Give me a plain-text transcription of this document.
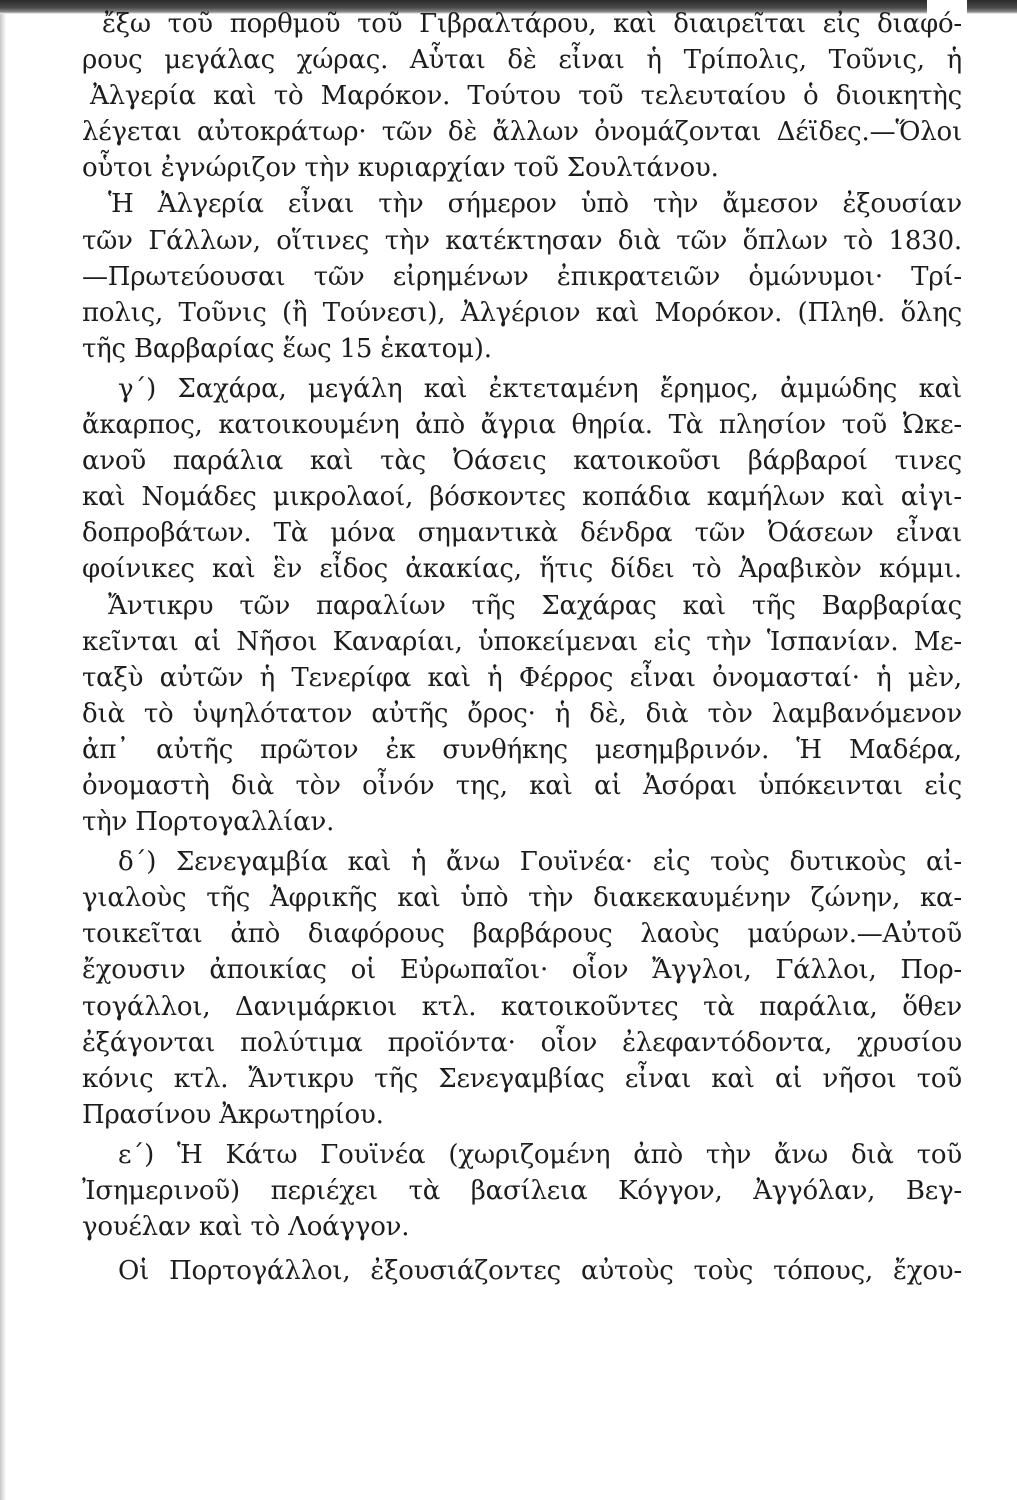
ἔξω τοῦ πορθμοῦ τοῦ Γιβραλτάρου, καὶ διαιρεῖται εἰς διαφό-
ρους μεγάλας χώρας. Αὗται δὲ εἶναι ἡ Τρίπολις, Τοῦνις, ἡ
Ἀλγερία καὶ τὸ Μαρόκον. Τούτου τοῦ τελευταίου ὁ διοικητὴς
λέγεται αὐτοκράτωρ· τῶν δὲ ἄλλων ὀνομάζονται Δέϊδες.—Ὅλοι
οὗτοι ἐγνώριζον τὴν κυριαρχίαν τοῦ Σουλτάνου.
Ἡ Ἀλγερία εἶναι τὴν σήμερον ὑπὸ τὴν ἄμεσον ἐξουσίαν
τῶν Γάλλων, οἵτινες τὴν κατέκτησαν διὰ τῶν ὅπλων τὸ 1830.
—Πρωτεύουσαι τῶν εἰρημένων ἐπικρατειῶν ὁμώνυμοι· Τρί-
πολις, Τοῦνις (ἢ Τούνεσι), Ἀλγέριον καὶ Μορόκον. (Πληθ. ὅλης
τῆς Βαρβαρίας ἕως 15 ἑκατομ).
γ´) Σαχάρα, μεγάλη καὶ ἐκτεταμένη ἔρημος, ἀμμώδης καὶ
ἄκαρπος, κατοικουμένη ἀπὸ ἄγρια θηρία. Τὰ πλησίον τοῦ Ὠκε-
ανοῦ παράλια καὶ τὰς Ὀάσεις κατοικοῦσι βάρβαροί τινες
καὶ Νομάδες μικρολαοί, βόσκοντες κοπάδια καμήλων καὶ αἰγι-
δοπροβάτων. Τὰ μόνα σημαντικὰ δένδρα τῶν Ὀάσεων εἶναι
φοίνικες καὶ ἓν εἶδος ἀκακίας, ἥτις δίδει τὸ Ἀραβικὸν κόμμι.
Ἄντικρυ τῶν παραλίων τῆς Σαχάρας καὶ τῆς Βαρβαρίας
κεῖνται αἱ Νῆσοι Καναρίαι, ὑποκείμεναι εἰς τὴν Ἱσπανίαν. Με-
ταξὺ αὐτῶν ἡ Τενερίφα καὶ ἡ Φέρρος εἶναι ὀνομασταί· ἡ μὲν,
διὰ τὸ ὑψηλότατον αὐτῆς ὄρος· ἡ δὲ, διὰ τὸν λαμβανόμενον
ἀπ᾿ αὐτῆς πρῶτον ἐκ συνθήκης μεσημβρινόν. Ἡ Μαδέρα,
ὀνομαστὴ διὰ τὸν οἶνόν της, καὶ αἱ Ἀσόραι ὑπόκεινται εἰς
τὴν Πορτογαλλίαν.
δ´) Σενεγαμβία καὶ ἡ ἄνω Γουϊνέα· εἰς τοὺς δυτικοὺς αἰ-
γιαλοὺς τῆς Ἀφρικῆς καὶ ὑπὸ τὴν διακεκαυμένην ζώνην, κα-
τοικεῖται ἀπὸ διαφόρους βαρβάρους λαοὺς μαύρων.—Αὐτοῦ
ἔχουσιν ἀποικίας οἱ Εὐρωπαῖοι· οἷον Ἄγγλοι, Γάλλοι, Πορ-
τογάλλοι, Δανιμάρκιοι κτλ. κατοικοῦντες τὰ παράλια, ὅθεν
ἐξάγονται πολύτιμα προϊόντα· οἷον ἐλεφαντόδοντα, χρυσίου
κόνις κτλ. Ἄντικρυ τῆς Σενεγαμβίας εἶναι καὶ αἱ νῆσοι τοῦ
Πρασίνου Ἀκρωτηρίου.
ε´) Ἡ Κάτω Γουϊνέα (χωριζομένη ἀπὸ τὴν ἄνω διὰ τοῦ
Ἰσημερινοῦ) περιέχει τὰ βασίλεια Κόγγον, Ἀγγόλαν, Βεγ-
γουέλαν καὶ τὸ Λοάγγον.
Οἱ Πορτογάλλοι, ἐξουσιάζοντες αὐτοὺς τοὺς τόπους, ἔχου-
